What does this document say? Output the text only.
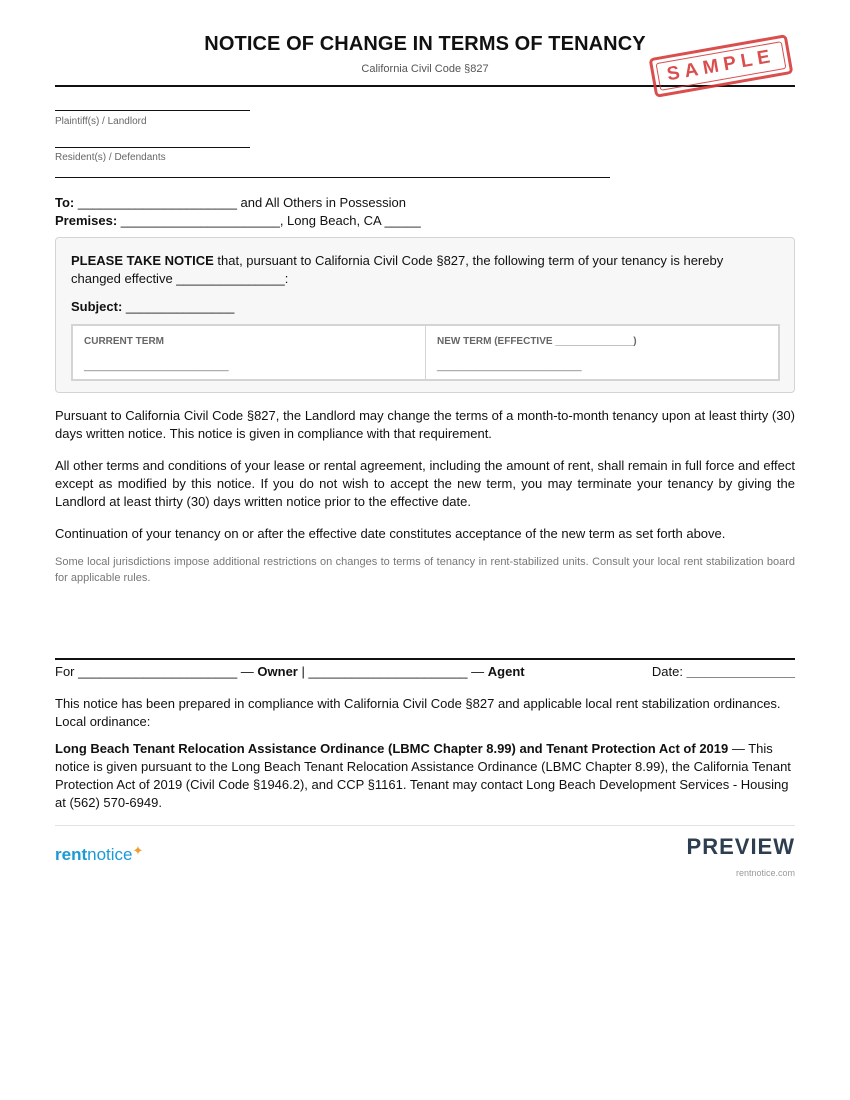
NOTICE OF CHANGE IN TERMS OF TENANCY
California Civil Code §827	SAMPLE
Plaintiff(s) / Landlord
Resident(s) / Defendants
To: ______________________ and All Others in Possession
Premises: ______________________, Long Beach, CA _____
PLEASE TAKE NOTICE that, pursuant to California Civil Code §827, the following term of your tenancy is hereby changed effective _______________:
Subject: _______________
CURRENT TERM
__________________________
NEW TERM (EFFECTIVE ______________)
__________________________
Pursuant to California Civil Code §827, the Landlord may change the terms of a month-to-month tenancy upon at least thirty (30) days written notice. This notice is given in compliance with that requirement.
All other terms and conditions of your lease or rental agreement, including the amount of rent, shall remain in full force and effect except as modified by this notice. If you do not wish to accept the new term, you may terminate your tenancy by giving the Landlord at least thirty (30) days written notice prior to the effective date.
Continuation of your tenancy on or after the effective date constitutes acceptance of the new term as set forth above.
Some local jurisdictions impose additional restrictions on changes to terms of tenancy in rent-stabilized units. Consult your local rent stabilization board for applicable rules.
For ______________________ — Owner | ______________________ — Agent	Date: _______________
This notice has been prepared in compliance with California Civil Code §827 and applicable local rent stabilization ordinances. Local ordinance:
Long Beach Tenant Relocation Assistance Ordinance (LBMC Chapter 8.99) and Tenant Protection Act of 2019 — This notice is given pursuant to the Long Beach Tenant Relocation Assistance Ordinance (LBMC Chapter 8.99), the California Tenant Protection Act of 2019 (Civil Code §1946.2), and CCP §1161. Tenant may contact Long Beach Development Services - Housing at (562) 570-6949.
rentnotice✦	PREVIEW
rentnotice.com
